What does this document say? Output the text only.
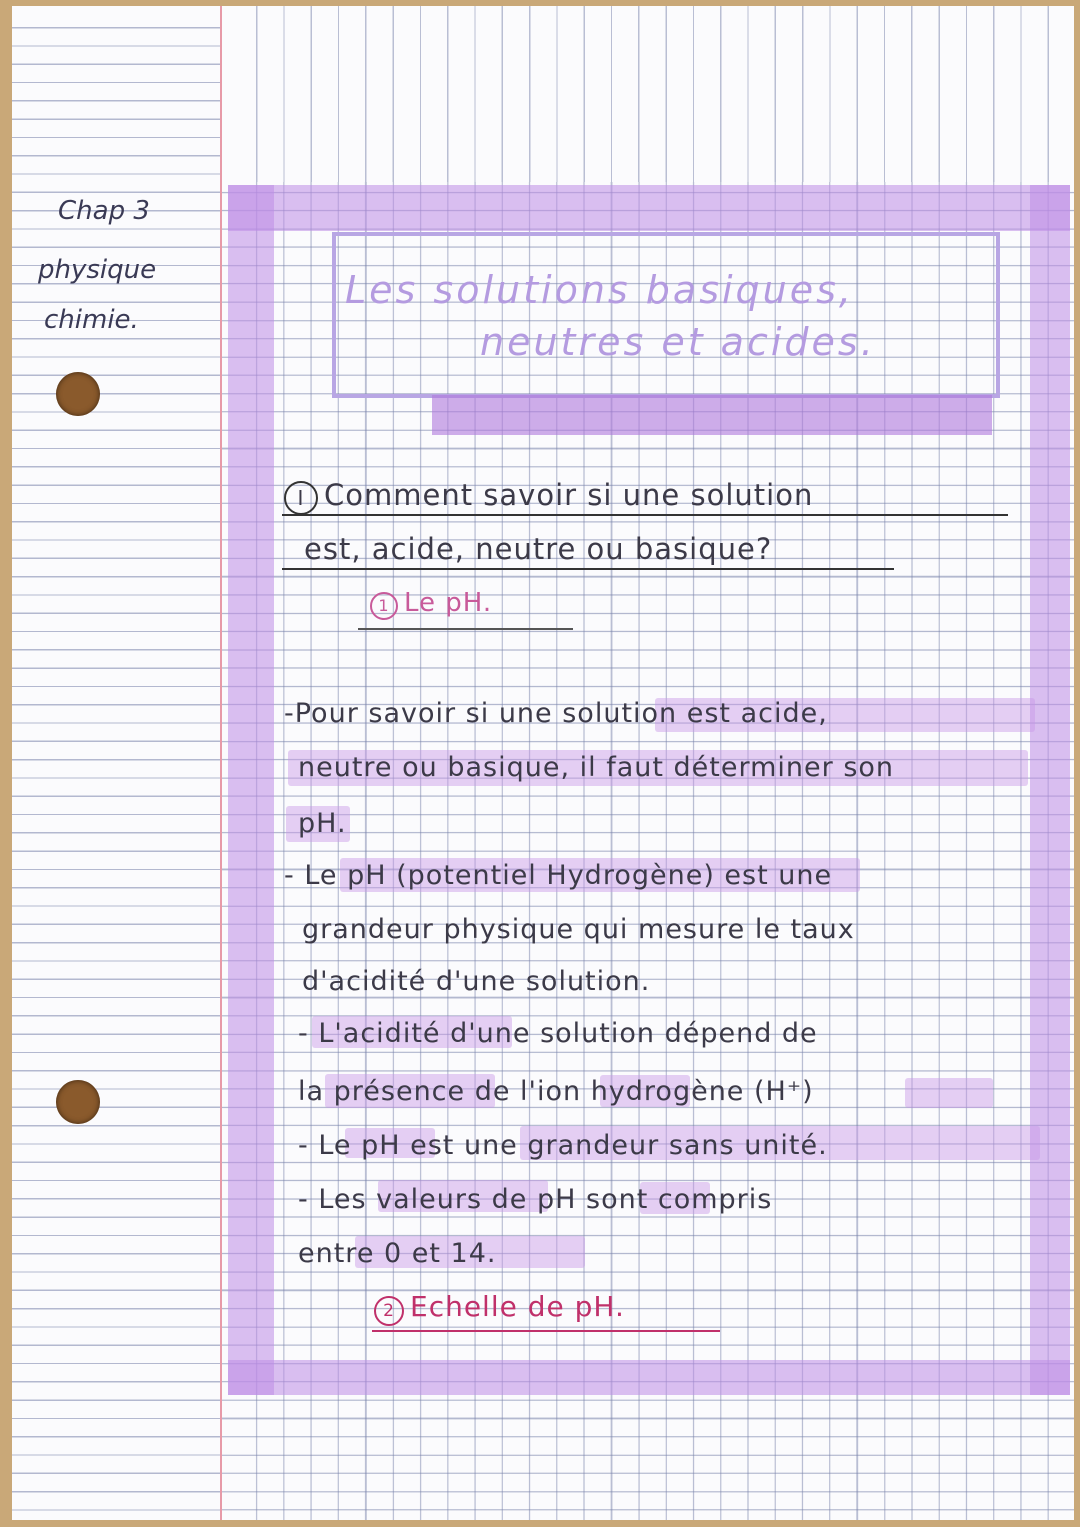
Chap 3
physique
chimie.
Les solutions basiques,
neutres et acides.
I Comment savoir si une solution
est, acide, neutre ou basique?
1 Le pH.
-Pour savoir si une solution est acide,
neutre ou basique, il faut déterminer son
pH.
- Le pH (potentiel Hydrogène) est une
grandeur physique qui mesure le taux
d'acidité d'une solution.
- L'acidité d'une solution dépend de
la présence de l'ion hydrogène (H⁺)
- Le pH est une grandeur sans unité.
- Les valeurs de pH sont compris
entre 0 et 14.
2 Echelle de pH.
